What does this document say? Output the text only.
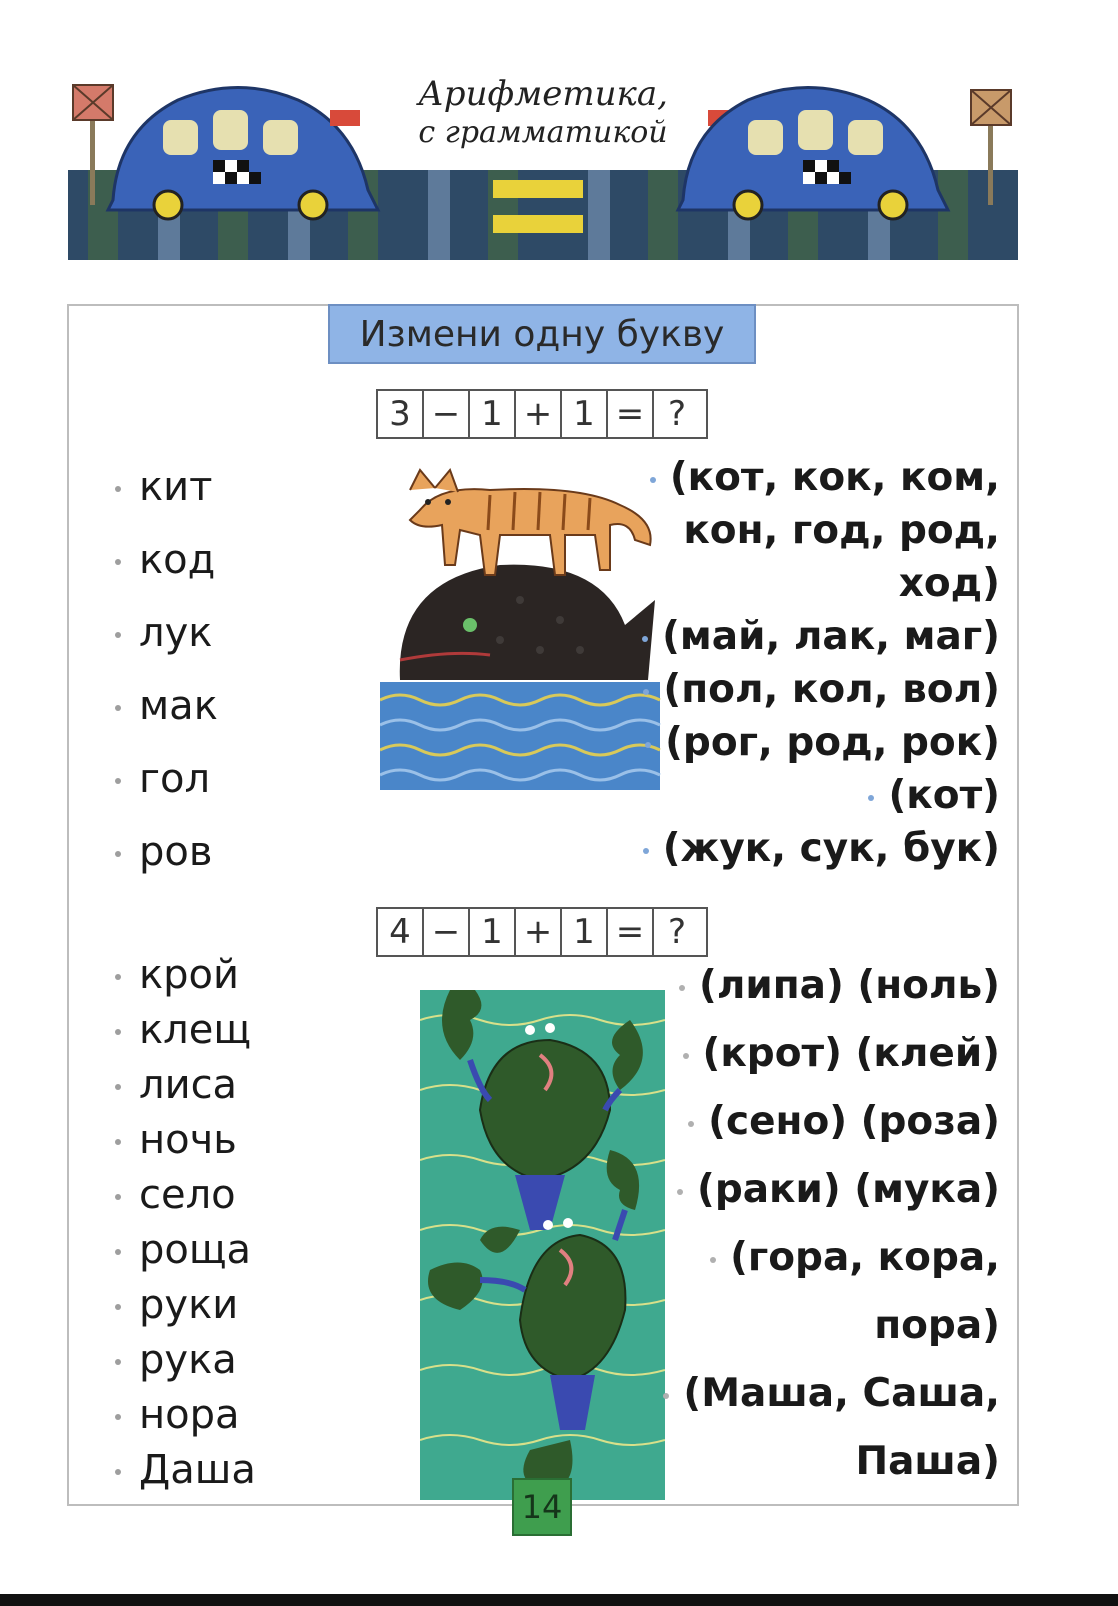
Арифметика,
с грамматикой
Измени одну букву
3 − 1 + 1 = ?
кит
код
лук
мак
гол
ров
(кот, кок, ком,
кон, год, род,
ход)
(май, лак, маг)
(пол, кол, вол)
(рог, род, рок)
(кот)
(жук, сук, бук)
4 − 1 + 1 = ?
крой
клещ
лиса
ночь
село
роща
руки
рука
нора
Даша
(липа) (ноль)
(крот) (клей)
(сено) (роза)
(раки) (мука)
(гора, кора,
пора)
(Маша, Саша,
Паша)
14
